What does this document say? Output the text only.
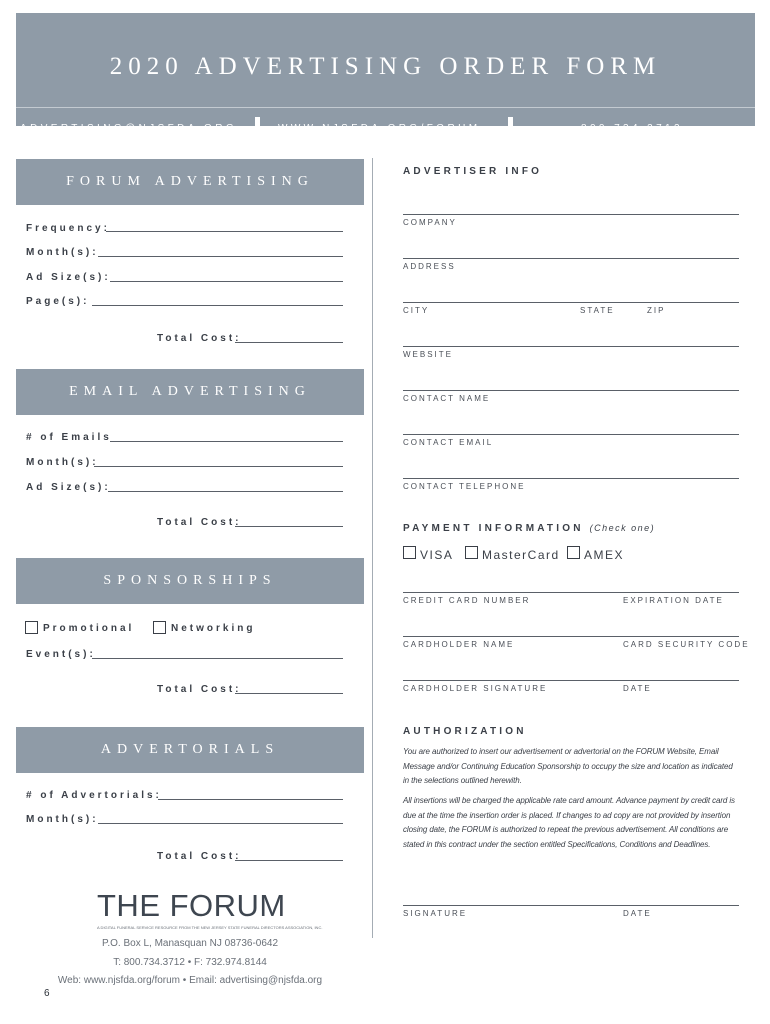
2020 ADVERTISING ORDER FORM
ADVERTISING@NJSFDA.ORG	WWW.NJSFDA.ORG/FORUM	800.734.3712
FORUM ADVERTISING
Frequency:
Month(s):
Ad Size(s):
Page(s):
Total Cost:
EMAIL ADVERTISING
# of Emails
Month(s):
Ad Size(s):
Total Cost:
SPONSORSHIPS
Promotional	Networking
Event(s):
Total Cost:
ADVERTORIALS
# of Advertorials:
Month(s):
Total Cost:
ADVERTISER INFO
COMPANY
ADDRESS
CITY	STATE	ZIP
WEBSITE
CONTACT NAME
CONTACT EMAIL
CONTACT TELEPHONE
PAYMENT INFORMATION (Check one)
VISA MasterCard AMEX
CREDIT CARD NUMBER	EXPIRATION DATE
CARDHOLDER NAME	CARD SECURITY CODE
CARDHOLDER SIGNATURE	DATE
AUTHORIZATION
You are authorized to insert our advertisement or advertorial on the FORUM Website, Email Message and/or Continuing Education Sponsorship to occupy the size and location as indicated in the selections outlined herewith.
All insertions will be charged the applicable rate card amount. Advance payment by credit card is due at the time the insertion order is placed. If changes to ad copy are not provided by insertion closing date, the FORUM is authorized to repeat the previous advertisement. All conditions are stated in this contract under the section entitled Specifications, Conditions and Deadlines.
SIGNATURE	DATE
THE FORUM
A DIGITAL FUNERAL SERVICE RESOURCE FROM THE NEW JERSEY STATE FUNERAL DIRECTORS ASSOCIATION, INC.
P.O. Box L, Manasquan NJ 08736-0642
T: 800.734.3712 • F: 732.974.8144
Web: www.njsfda.org/forum • Email: advertising@njsfda.org
6
